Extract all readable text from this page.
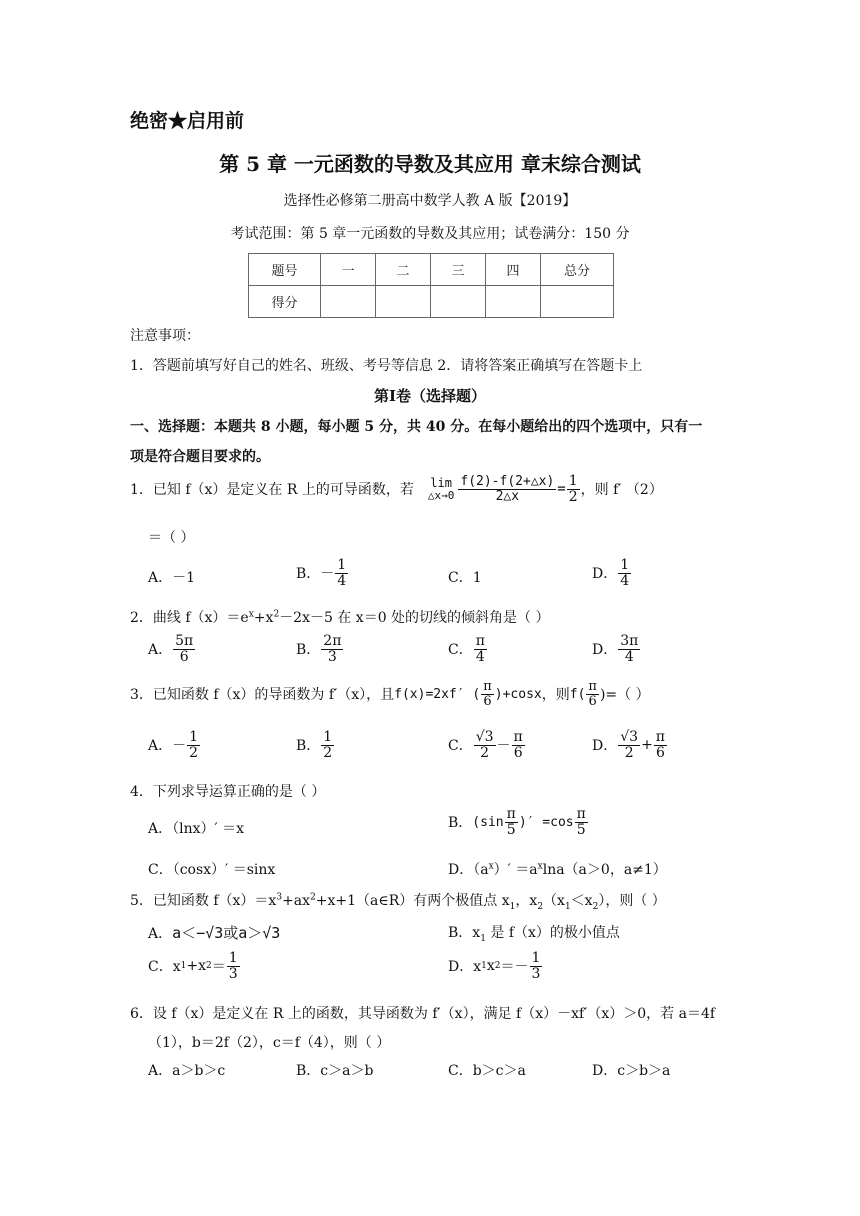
绝密★启用前
第 5 章 一元函数的导数及其应用 章末综合测试
选择性必修第二册高中数学人教 A 版【2019】
考试范围：第 5 章一元函数的导数及其应用；试卷满分：150 分
题号	一	二	三	四	总分
得分					
注意事项：
1．答题前填写好自己的姓名、班级、考号等信息 2．请将答案正确填写在答题卡上
第Ⅰ卷（选择题）
一、选择题：本题共 8 小题，每小题 5 分，共 40 分。在每小题给出的四个选项中，只有一
项是符合题目要求的。
1．已知 f（x）是定义在 R 上的可导函数，若 lim
△x→0 $\frac{f(2)-f(2+\triangle x)}{2\triangle x} = \frac{1}{2}$ ，则 f′ （2）
＝（ ）
A．－1	B． － $\frac{1}{4}$	C．1	D． $\frac{1}{4}$
2．曲线 $f(x)=e^x+x^2-2x-5$ 在 x＝0 处的切线的倾斜角是（ ）
A． $\frac{5\pi}{6}$	B． $\frac{2\pi}{3}$	C． $\frac{\pi}{4}$	D． $\frac{3\pi}{4}$
3．已知函数 f（x）的导函数为 f′（x），且 f(x)=2xf′ ( $\frac{\pi}{6} )+\cos x$ ，则 $f( \frac{\pi}{6}$ )=（ ）
A． － $\frac{1}{2}$	B． $\frac{1}{2}$	C． $\frac{√3}{2} - \frac{\pi}{6}$	D． $\frac{√3}{2} + \frac{\pi}{6}$
4．下列求导运算正确的是（ ）
A．（lnx）′ ＝x	B． ($\sin \frac{\pi}{5}$ )′ $=\cos \frac{\pi}{5}$
C．（cosx）′ ＝sinx	D．$(a^x)' =a^x\ln a(a>0$，a≠1）
5．已知函数 $f(x)=x^3+ax^2+x+1(a\in R)$有两个极值点 $x_1$，$x_2(x_1<x_2)$，则（ ）
A．a＜−√3或a＞√3	B．$x_1$ 是 f（x）的极小值点
C．x 1 +x $2 = \frac{1}{3}$	D．x 1 x $2 =- \frac{1}{3}$
6．设 f（x）是定义在 R 上的函数，其导函数为 f′（x），满足 f（x）－xf′（x）＞0，若 a＝4f
（1），b＝2f（2），c＝f（4），则（ ）
A．a＞b＞c	B．c＞a＞b	C．b＞c＞a	D．c＞b＞a
